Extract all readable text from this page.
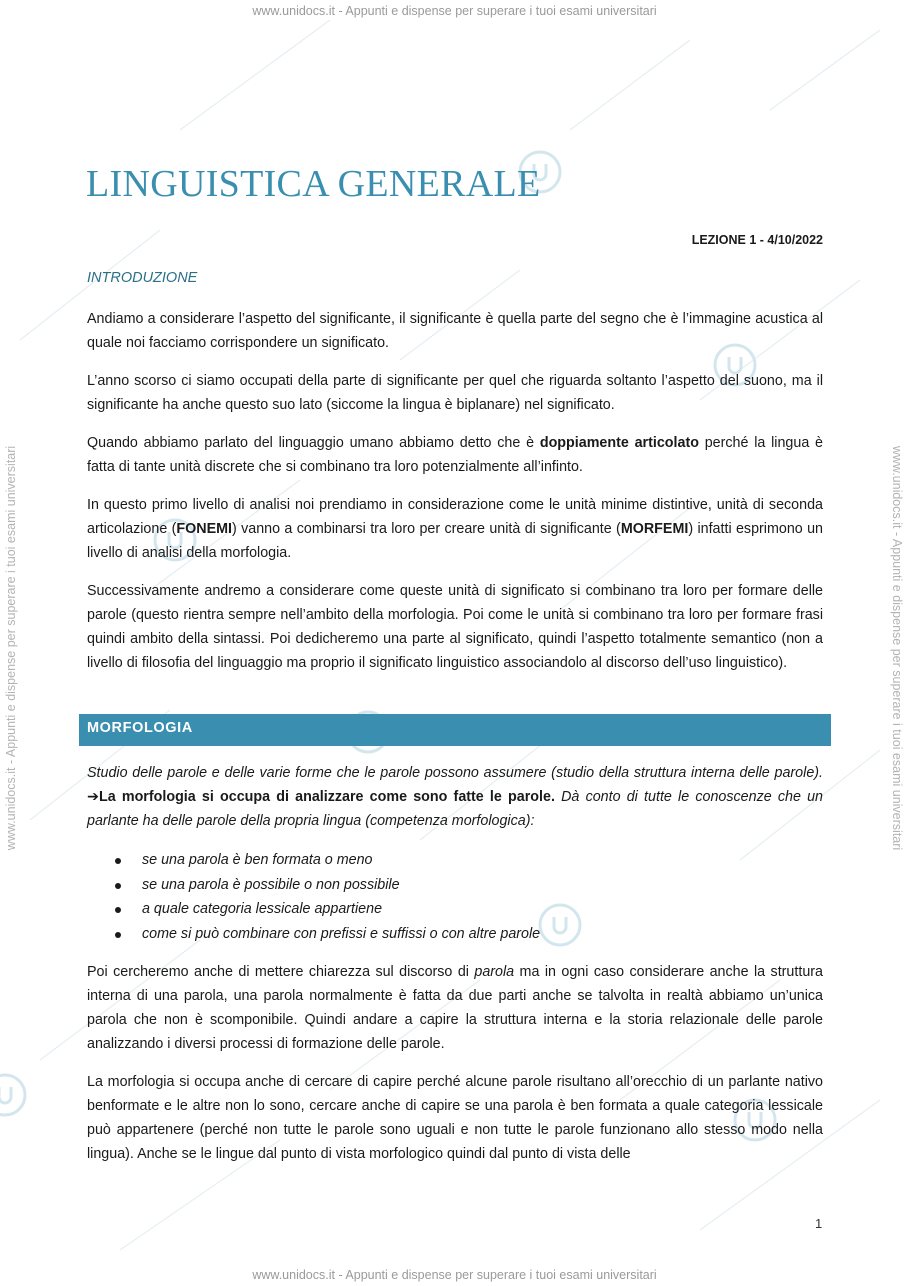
www.unidocs.it - Appunti e dispense per superare i tuoi esami universitari
www.unidocs.it - Appunti e dispense per superare i tuoi esami universitari
www.unidocs.it - Appunti e dispense per superare i tuoi esami universitari	www.unidocs.it - Appunti e dispense per superare i tuoi esami universitari
LINGUISTICA GENERALE
LEZIONE 1 - 4/10/2022
INTRODUZIONE

Andiamo a considerare l’aspetto del significante, il significante è quella parte del segno che è l’immagine acustica al quale noi facciamo corrispondere un significato.

L’anno scorso ci siamo occupati della parte di significante per quel che riguarda soltanto l’aspetto del suono, ma il significante ha anche questo suo lato (siccome la lingua è biplanare) nel significato.

Quando abbiamo parlato del linguaggio umano abbiamo detto che è doppiamente articolato perché la lingua è fatta di tante unità discrete che si combinano tra loro potenzialmente all’infinto.

In questo primo livello di analisi noi prendiamo in considerazione come le unità minime distintive, unità di seconda articolazione (FONEMI) vanno a combinarsi tra loro per creare unità di significante (MORFEMI) infatti esprimono un livello di analisi della morfologia.

Successivamente andremo a considerare come queste unità di significato si combinano tra loro per formare delle parole (questo rientra sempre nell’ambito della morfologia. Poi come le unità si combinano tra loro per formare frasi quindi ambito della sintassi. Poi dedicheremo una parte al significato, quindi l’aspetto totalmente semantico (non a livello di filosofia del linguaggio ma proprio il significato linguistico associandolo al discorso dell’uso linguistico).

MORFOLOGIA

Studio delle parole e delle varie forme che le parole possono assumere (studio della struttura interna delle parole). ➔La morfologia si occupa di analizzare come sono fatte le parole. Dà conto di tutte le conoscenze che un parlante ha delle parole della propria lingua (competenza morfologica):

se una parola è ben formata o meno
se una parola è possibile o non possibile
a quale categoria lessicale appartiene
come si può combinare con prefissi e suffissi o con altre parole

Poi cercheremo anche di mettere chiarezza sul discorso di parola ma in ogni caso considerare anche la struttura interna di una parola, una parola normalmente è fatta da due parti anche se talvolta in realtà abbiamo un’unica parola che non è scomponibile. Quindi andare a capire la struttura interna e la storia relazionale delle parole analizzando i diversi processi di formazione delle parole.

La morfologia si occupa anche di cercare di capire perché alcune parole risultano all’orecchio di un parlante nativo benformate e le altre non lo sono, cercare anche di capire se una parola è ben formata a quale categoria lessicale può appartenere (perché non tutte le parole sono uguali e non tutte le parole funzionano allo stesso modo nella lingua). Anche se le lingue dal punto di vista morfologico quindi dal punto di vista delle

1
